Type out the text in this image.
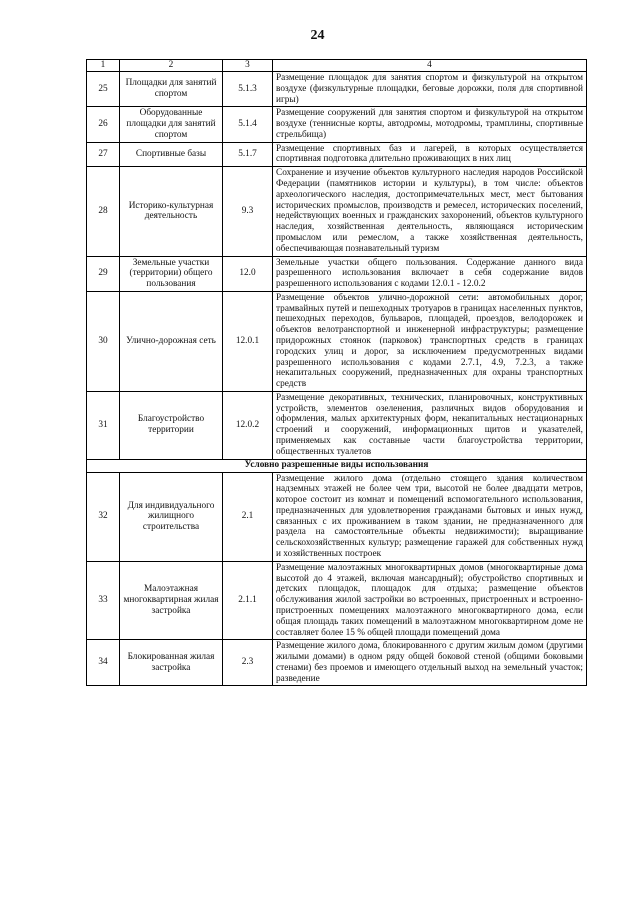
24
1	2	3	4
25	Площадки для занятий спортом	5.1.3	Размещение площадок для занятия спортом и физкультурой на открытом воздухе (физкультурные площадки, беговые дорожки, поля для спортивной игры)
26	Оборудованные площадки для занятий спортом	5.1.4	Размещение сооружений для занятия спортом и физкультурой на открытом воздухе (теннисные корты, автодромы, мотодромы, трамплины, спортивные стрельбища)
27	Спортивные базы	5.1.7	Размещение спортивных баз и лагерей, в которых осуществляется спортивная подготовка длительно проживающих в них лиц
28	Историко-культурная деятельность	9.3	Сохранение и изучение объектов культурного наследия народов Российской Федерации (памятников истории и культуры), в том числе: объектов археологического наследия, достопримечательных мест, мест бытования исторических промыслов, производств и ремесел, исторических поселений, недействующих военных и гражданских захоронений, объектов культурного наследия, хозяйственная деятельность, являющаяся историческим промыслом или ремеслом, а также хозяйственная деятельность, обеспечивающая познавательный туризм
29	Земельные участки (территории) общего пользования	12.0	Земельные участки общего пользования. Содержание данного вида разрешенного использования включает в себя содержание видов разрешенного использования с кодами 12.0.1 - 12.0.2
30	Улично-дорожная сеть	12.0.1	Размещение объектов улично-дорожной сети: автомобильных дорог, трамвайных путей и пешеходных тротуаров в границах населенных пунктов, пешеходных переходов, бульваров, площадей, проездов, велодорожек и объектов велотранспортной и инженерной инфраструктуры; размещение придорожных стоянок (парковок) транспортных средств в границах городских улиц и дорог, за исключением предусмотренных видами разрешенного использования с кодами 2.7.1, 4.9, 7.2.3, а также некапитальных сооружений, предназначенных для охраны транспортных средств
31	Благоустройство территории	12.0.2	Размещение декоративных, технических, планировочных, конструктивных устройств, элементов озеленения, различных видов оборудования и оформления, малых архитектурных форм, некапитальных нестационарных строений и сооружений, информационных щитов и указателей, применяемых как составные части благоустройства территории, общественных туалетов
Условно разрешенные виды использования			
32	Для индивидуального жилищного строительства	2.1	Размещение жилого дома (отдельно стоящего здания количеством надземных этажей не более чем три, высотой не более двадцати метров, которое состоит из комнат и помещений вспомогательного использования, предназначенных для удовлетворения гражданами бытовых и иных нужд, связанных с их проживанием в таком здании, не предназначенного для раздела на самостоятельные объекты недвижимости); выращивание сельскохозяйственных культур; размещение гаражей для собственных нужд и хозяйственных построек
33	Малоэтажная многоквартирная жилая застройка	2.1.1	Размещение малоэтажных многоквартирных домов (многоквартирные дома высотой до 4 этажей, включая мансардный); обустройство спортивных и детских площадок, площадок для отдыха; размещение объектов обслуживания жилой застройки во встроенных, пристроенных и встроенно-пристроенных помещениях малоэтажного многоквартирного дома, если общая площадь таких помещений в малоэтажном многоквартирном доме не составляет более 15 % общей площади помещений дома
34	Блокированная жилая застройка	2.3	Размещение жилого дома, блокированного с другим жилым домом (другими жилыми домами) в одном ряду общей боковой стеной (общими боковыми стенами) без проемов и имеющего отдельный выход на земельный участок; разведение
